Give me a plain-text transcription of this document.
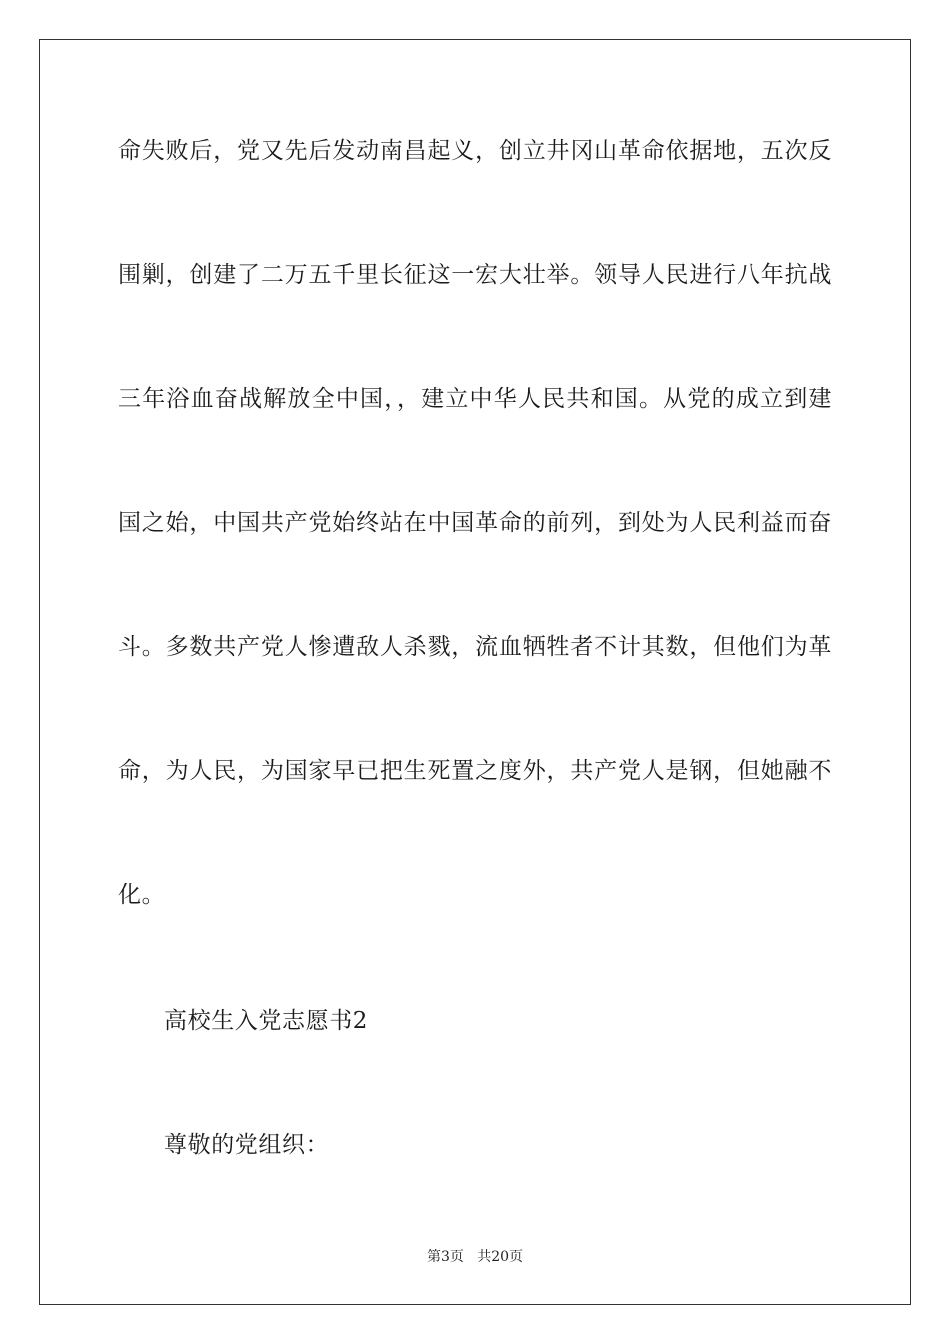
命失败后，党又先后发动南昌起义，创立井冈山革命依据地，五次反
围剿，创建了二万五千里长征这一宏大壮举。领导人民进行八年抗战
三年浴血奋战解放全中国，，建立中华人民共和国。从党的成立到建
国之始，中国共产党始终站在中国革命的前列，到处为人民利益而奋
斗。多数共产党人惨遭敌人杀戮，流血牺牲者不计其数，但他们为革
命，为人民，为国家早已把生死置之度外，共产党人是钢，但她融不
化。
高校生入党志愿书2
尊敬的党组织：
第3页   共20页
